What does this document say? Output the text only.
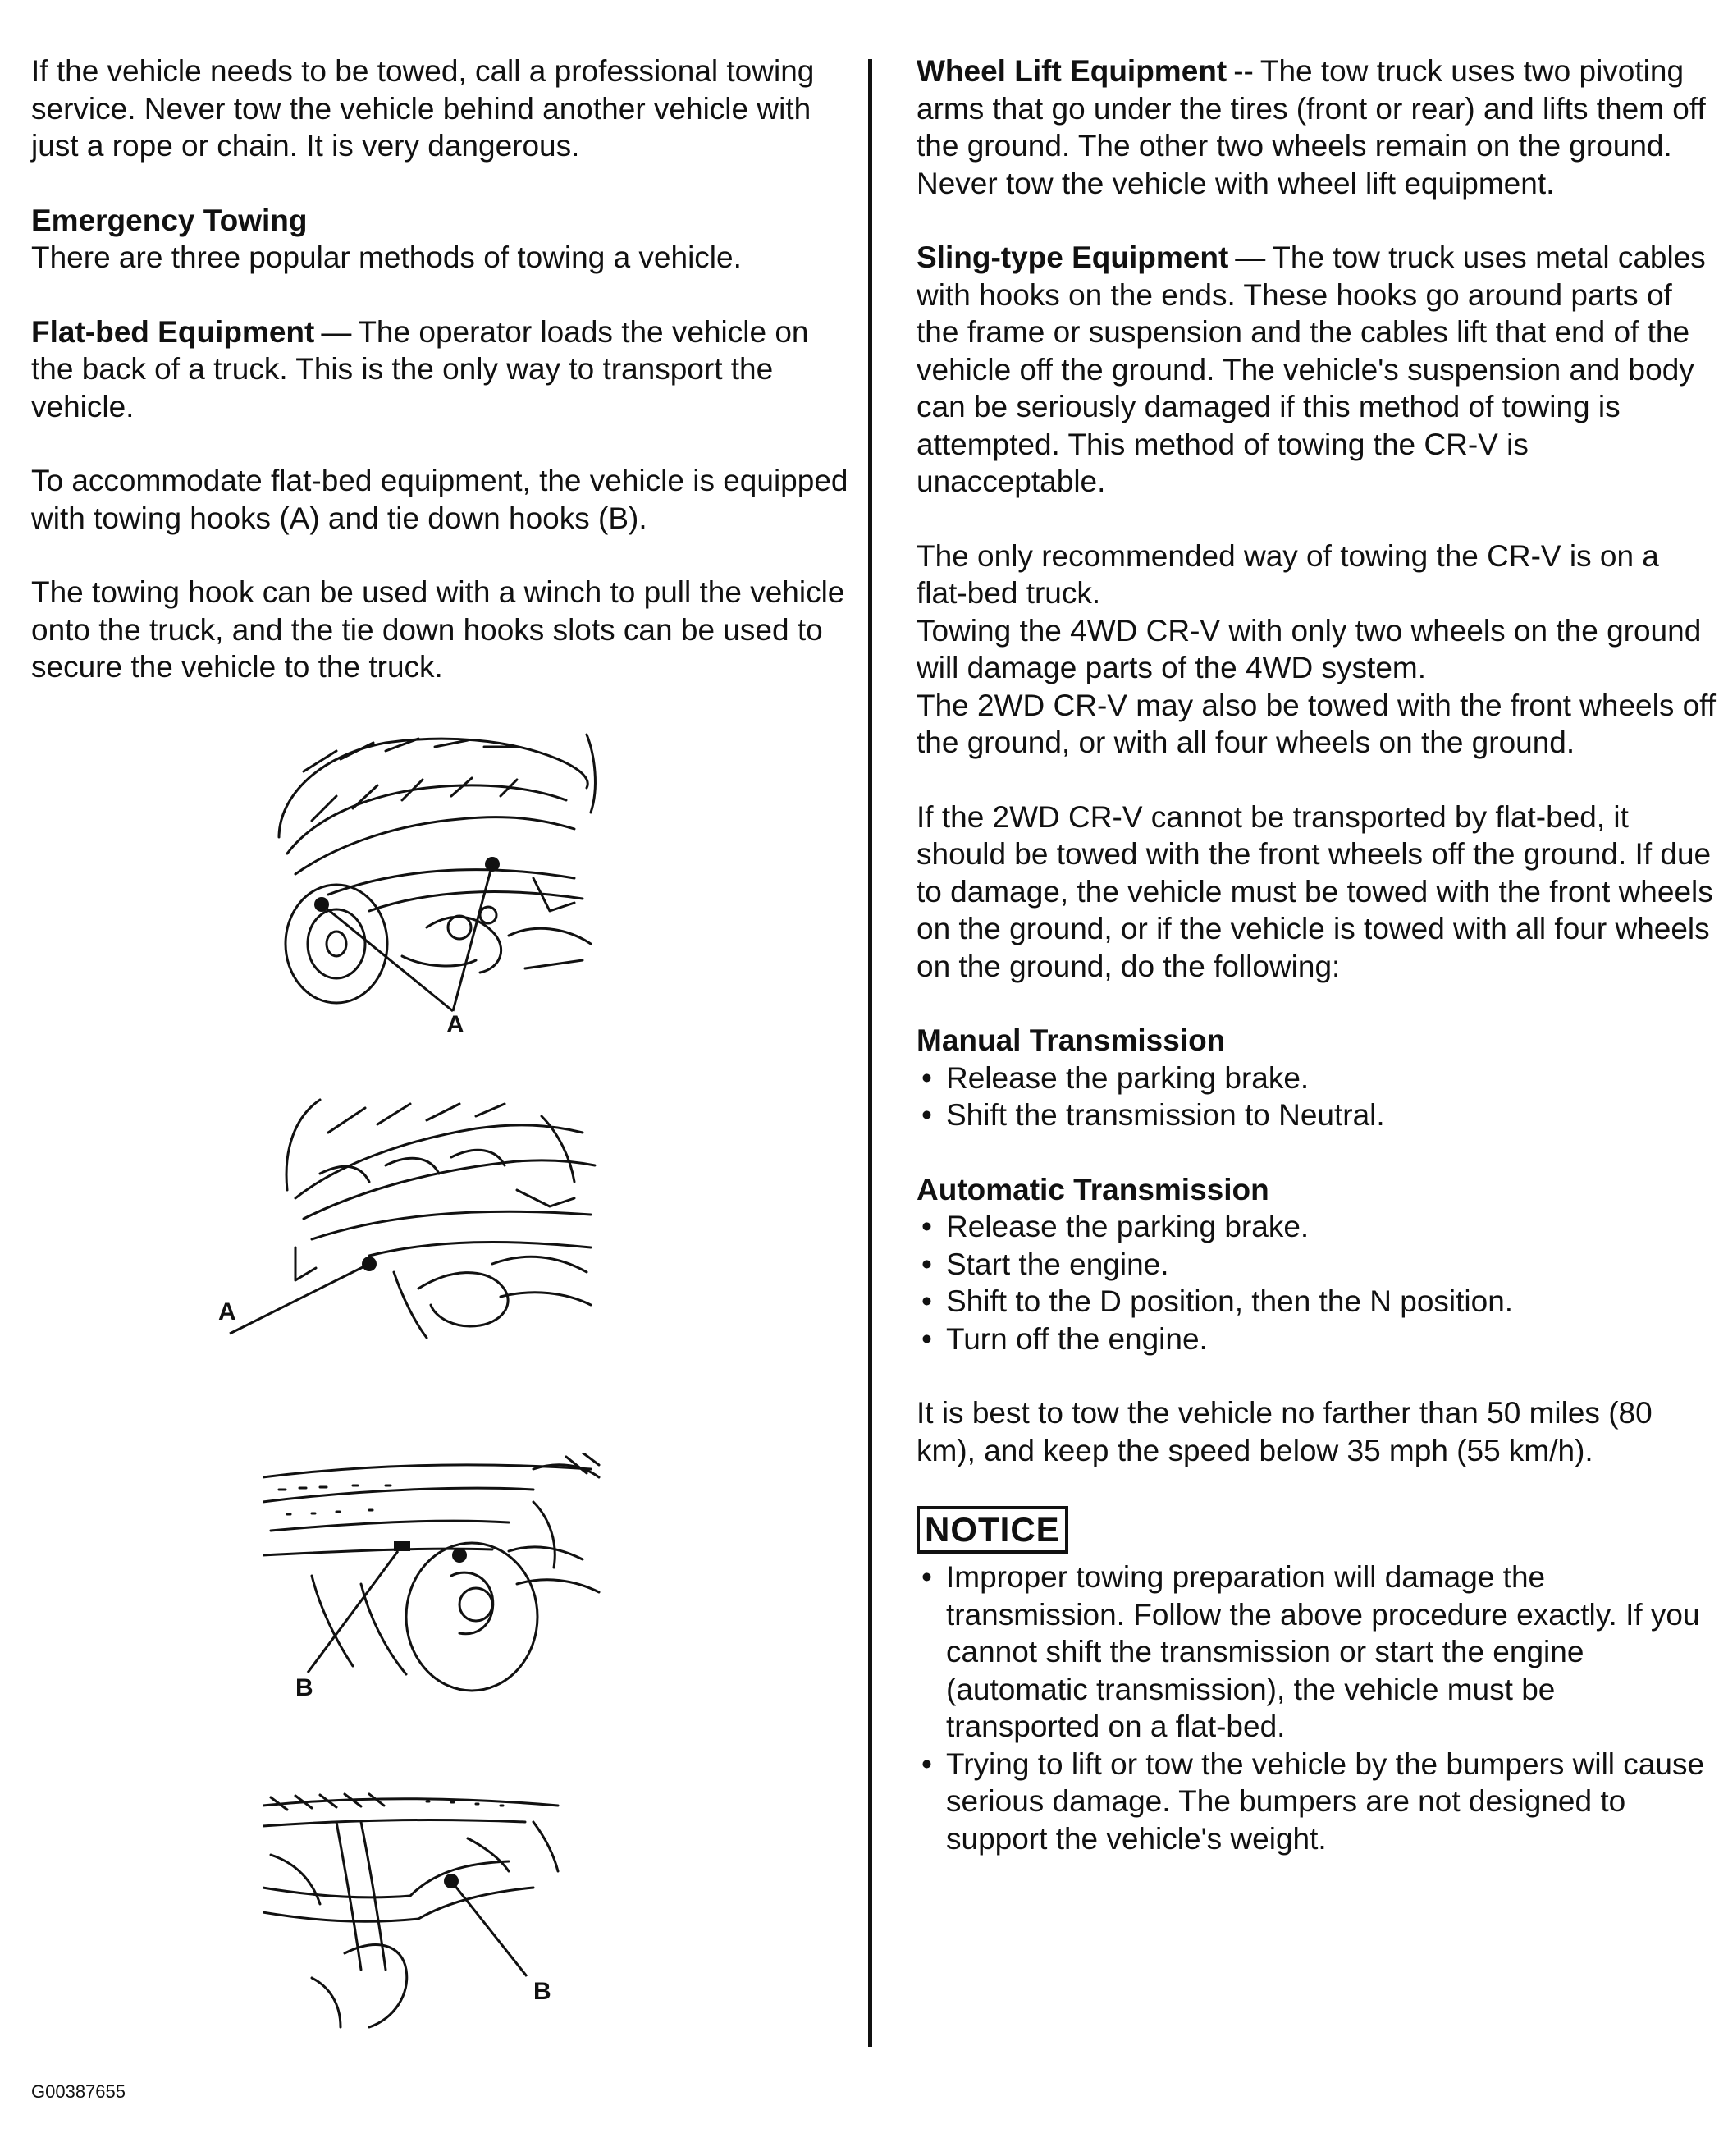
If the vehicle needs to be towed, call a professional towing service. Never tow the vehicle behind another vehicle with just a rope or chain. It is very dangerous.

Emergency Towing

There are three popular methods of towing a vehicle.

Flat-bed Equipment — The operator loads the vehicle on the back of a truck. This is the only way to transport the vehicle.

To accommodate flat-bed equipment, the vehicle is equipped with towing hooks (A) and tie down hooks (B).

The towing hook can be used with a winch to pull the vehicle onto the truck, and the tie down hooks slots can be used to secure the vehicle to the truck.

A
A
B
B

Wheel Lift Equipment -- The tow truck uses two pivoting arms that go under the tires (front or rear) and lifts them off the ground. The other two wheels remain on the ground. Never tow the vehicle with wheel lift equipment.

Sling-type Equipment — The tow truck uses metal cables with hooks on the ends. These hooks go around parts of the frame or suspension and the cables lift that end of the vehicle off the ground. The vehicle's suspension and body can be seriously damaged if this method of towing is attempted. This method of towing the CR-V is unacceptable.

The only recommended way of towing the CR-V is on a flat-bed truck.
Towing the 4WD CR-V with only two wheels on the ground will damage parts of the 4WD system.
The 2WD CR-V may also be towed with the front wheels off the ground, or with all four wheels on the ground.

If the 2WD CR-V cannot be transported by flat-bed, it should be towed with the front wheels off the ground. If due to damage, the vehicle must be towed with the front wheels on the ground, or if the vehicle is towed with all four wheels on the ground, do the following:

Manual Transmission
• Release the parking brake.
• Shift the transmission to Neutral.
Automatic Transmission
• Release the parking brake.
• Start the engine.
• Shift to the D position, then the N position.
• Turn off the engine.

It is best to tow the vehicle no farther than 50 miles (80 km), and keep the speed below 35 mph (55 km/h).

NOTICE
• Improper towing preparation will damage the transmission. Follow the above procedure exactly. If you cannot shift the transmission or start the engine (automatic transmission), the vehicle must be transported on a flat-bed.
• Trying to lift or tow the vehicle by the bumpers will cause serious damage. The bumpers are not designed to support the vehicle's weight.
G00387655
